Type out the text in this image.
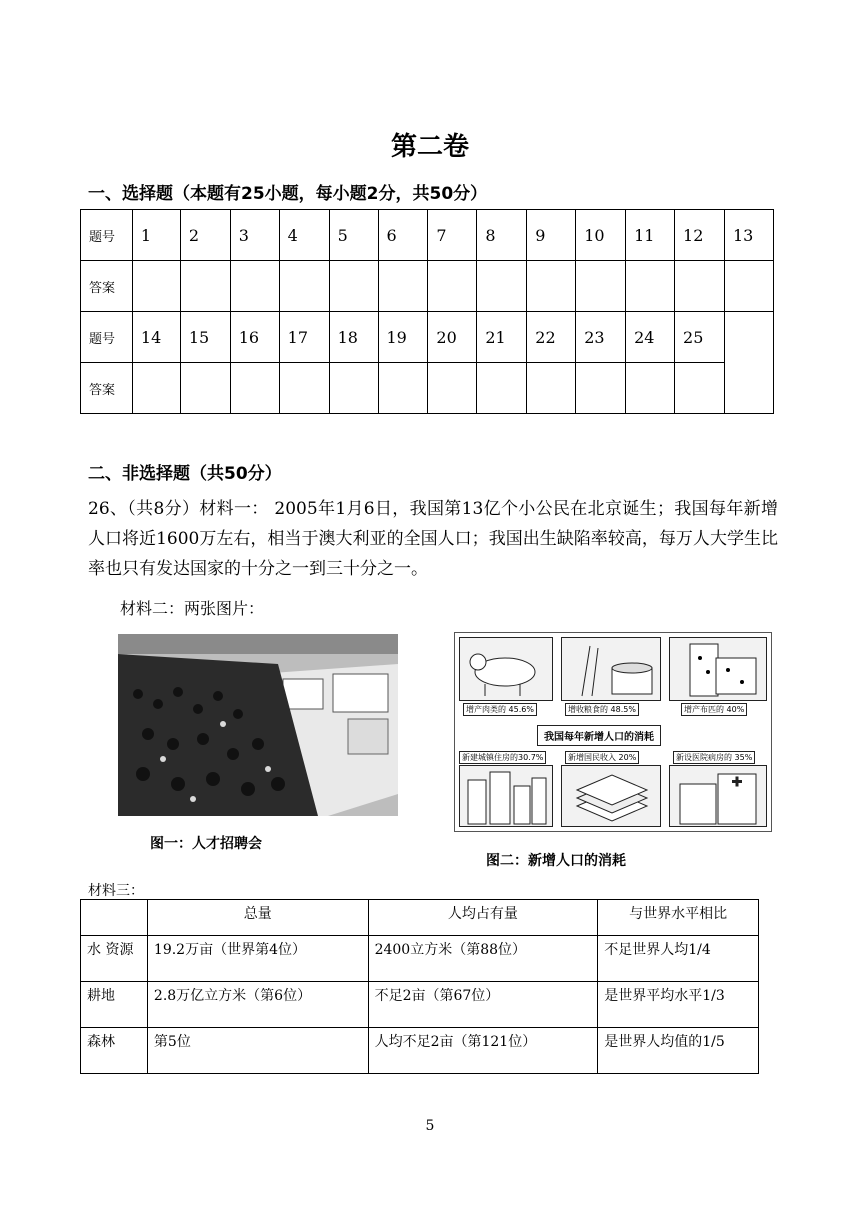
第二卷
一、选择题（本题有25小题，每小题2分，共50分）
题号	1	2	3	4	5	6	7	8	9	10	11	12	13
答案													
题号	14	15	16	17	18	19	20	21	22	23	24	25	
答案													
二、非选择题（共50分）
26、（共8分）材料一： 2005年1月6日，我国第13亿个小公民在北京诞生；我国每年新增人口将近1600万左右，相当于澳大利亚的全国人口；我国出生缺陷率较高，每万人大学生比率也只有发达国家的十分之一到三十分之一。
材料二：两张图片：
图一：人才招聘会
增产肉类的 45.6%	增收粮食的 48.5%	增产布匹的 40%
我国每年新增人口的消耗
新建城镇住房的30.7%	新增国民收入 20%	新设医院病房的 35%
图二：新增人口的消耗
材料三：
	总量	人均占有量	与世界水平相比
水 资源	19.2万亩（世界第4位）	2400立方米（第88位）	不足世界人均1/4
耕地	2.8万亿立方米（第6位）	不足2亩（第67位）	是世界平均水平1/3
森林	第5位	人均不足2亩（第121位）	是世界人均值的1/5
5
